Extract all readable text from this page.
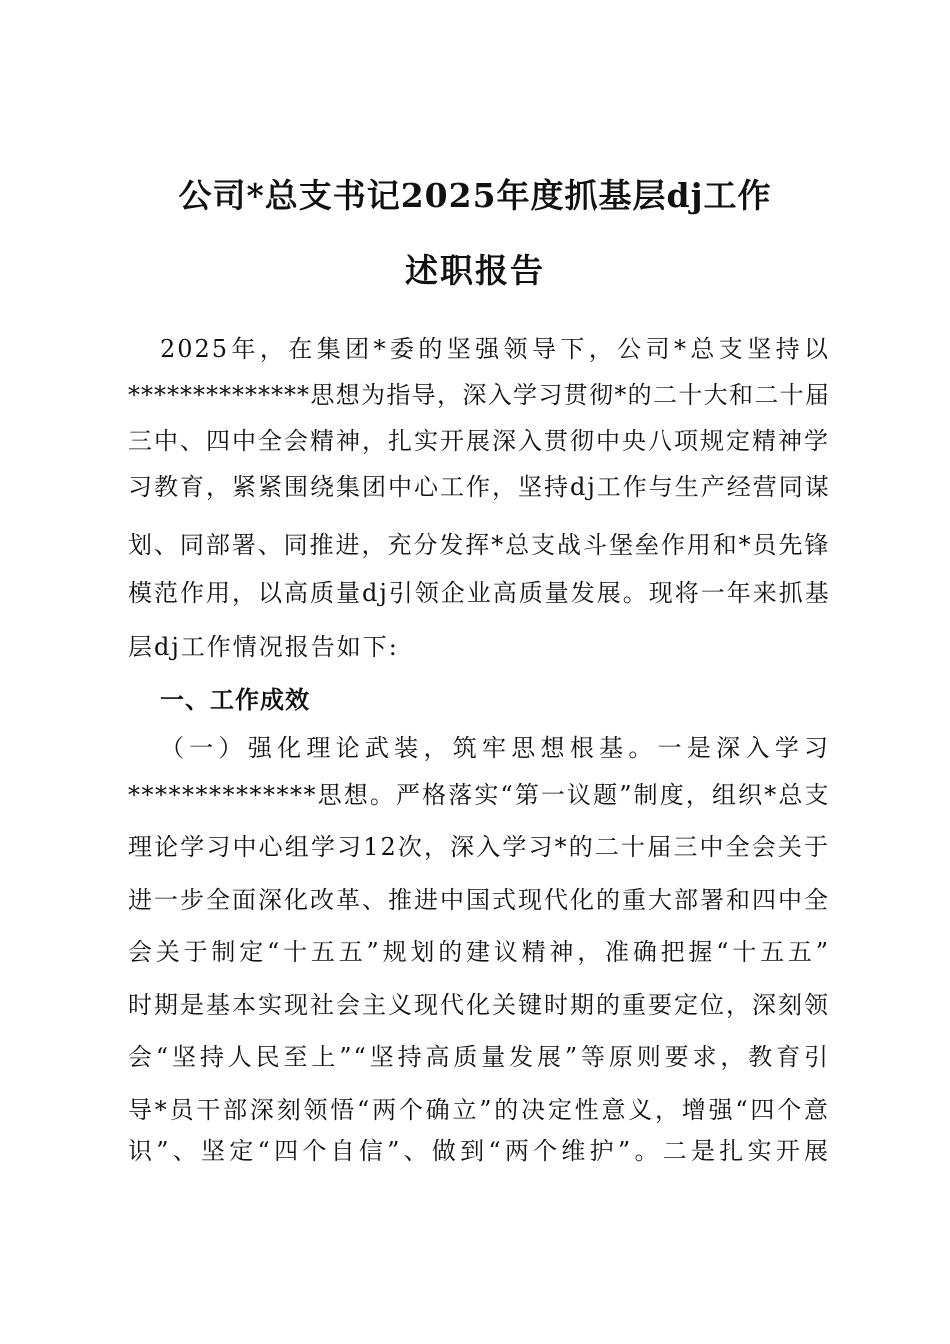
公司*总支书记2025年度抓基层dj工作
述职报告

2025年，在集团*委的坚强领导下，公司*总支坚持以

**************思想为指导，深入学习贯彻*的二十大和二十届

三中、四中全会精神，扎实开展深入贯彻中央八项规定精神学

习教育，紧紧围绕集团中心工作，坚持dj工作与生产经营同谋

划、同部署、同推进，充分发挥*总支战斗堡垒作用和*员先锋

模范作用，以高质量dj引领企业高质量发展。现将一年来抓基

层dj工作情况报告如下:

一、工作成效

（一）强化理论武装，筑牢思想根基。一是深入学习

**************思想。严格落实“第一议题”制度，组织*总支

理论学习中心组学习12次，深入学习*的二十届三中全会关于

进一步全面深化改革、推进中国式现代化的重大部署和四中全

会关于制定“十五五”规划的建议精神，准确把握“十五五”

时期是基本实现社会主义现代化关键时期的重要定位，深刻领

会“坚持人民至上”“坚持高质量发展”等原则要求，教育引

导*员干部深刻领悟“两个确立”的决定性意义，增强“四个意

识”、坚定“四个自信”、做到“两个维护”。二是扎实开展
